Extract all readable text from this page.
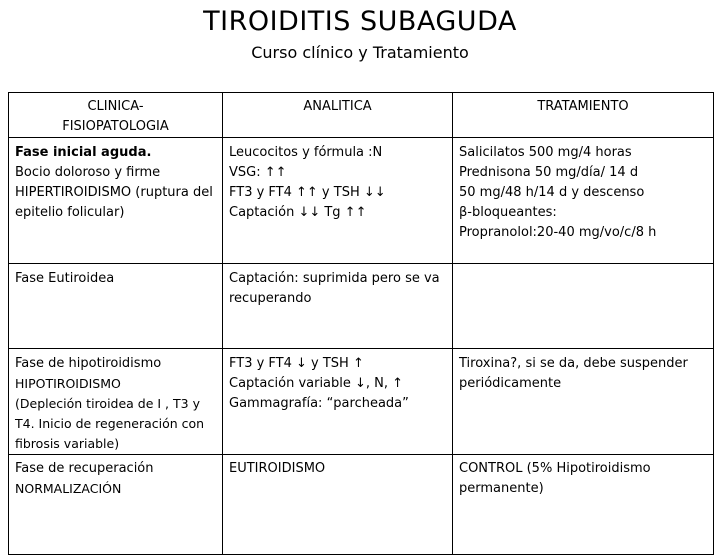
TIROIDITIS SUBAGUDA
Curso clínico y Tratamiento
CLINICA-
FISIOPATOLOGIA	ANALITICA	TRATAMIENTO

Fase inicial aguda.
Bocio doloroso y firme
HIPERTIROIDISMO (ruptura del epitelio folicular)	Leucocitos y fórmula :N
VSG: ↑↑
FT3 y FT4 ↑↑ y TSH ↓↓
Captación ↓↓ Tg ↑↑	Salicilatos 500 mg/4 horas
Prednisona 50 mg/día/ 14 d
50 mg/48 h/14 d y descenso
β-bloqueantes:
Propranolol:20-40 mg/vo/c/8 h

Fase Eutiroidea	Captación: suprimida pero se va recuperando	

Fase de hipotiroidismo
HIPOTIROIDISMO
(Depleción tiroidea de I , T3 y T4. Inicio de regeneración con fibrosis variable)	FT3 y FT4 ↓ y TSH ↑
Captación variable ↓, N, ↑
Gammagrafía: “parcheada”	Tiroxina?, si se da, debe suspender periódicamente

Fase de recuperación
NORMALIZACIÓN	EUTIROIDISMO	CONTROL (5% Hipotiroidismo permanente)
